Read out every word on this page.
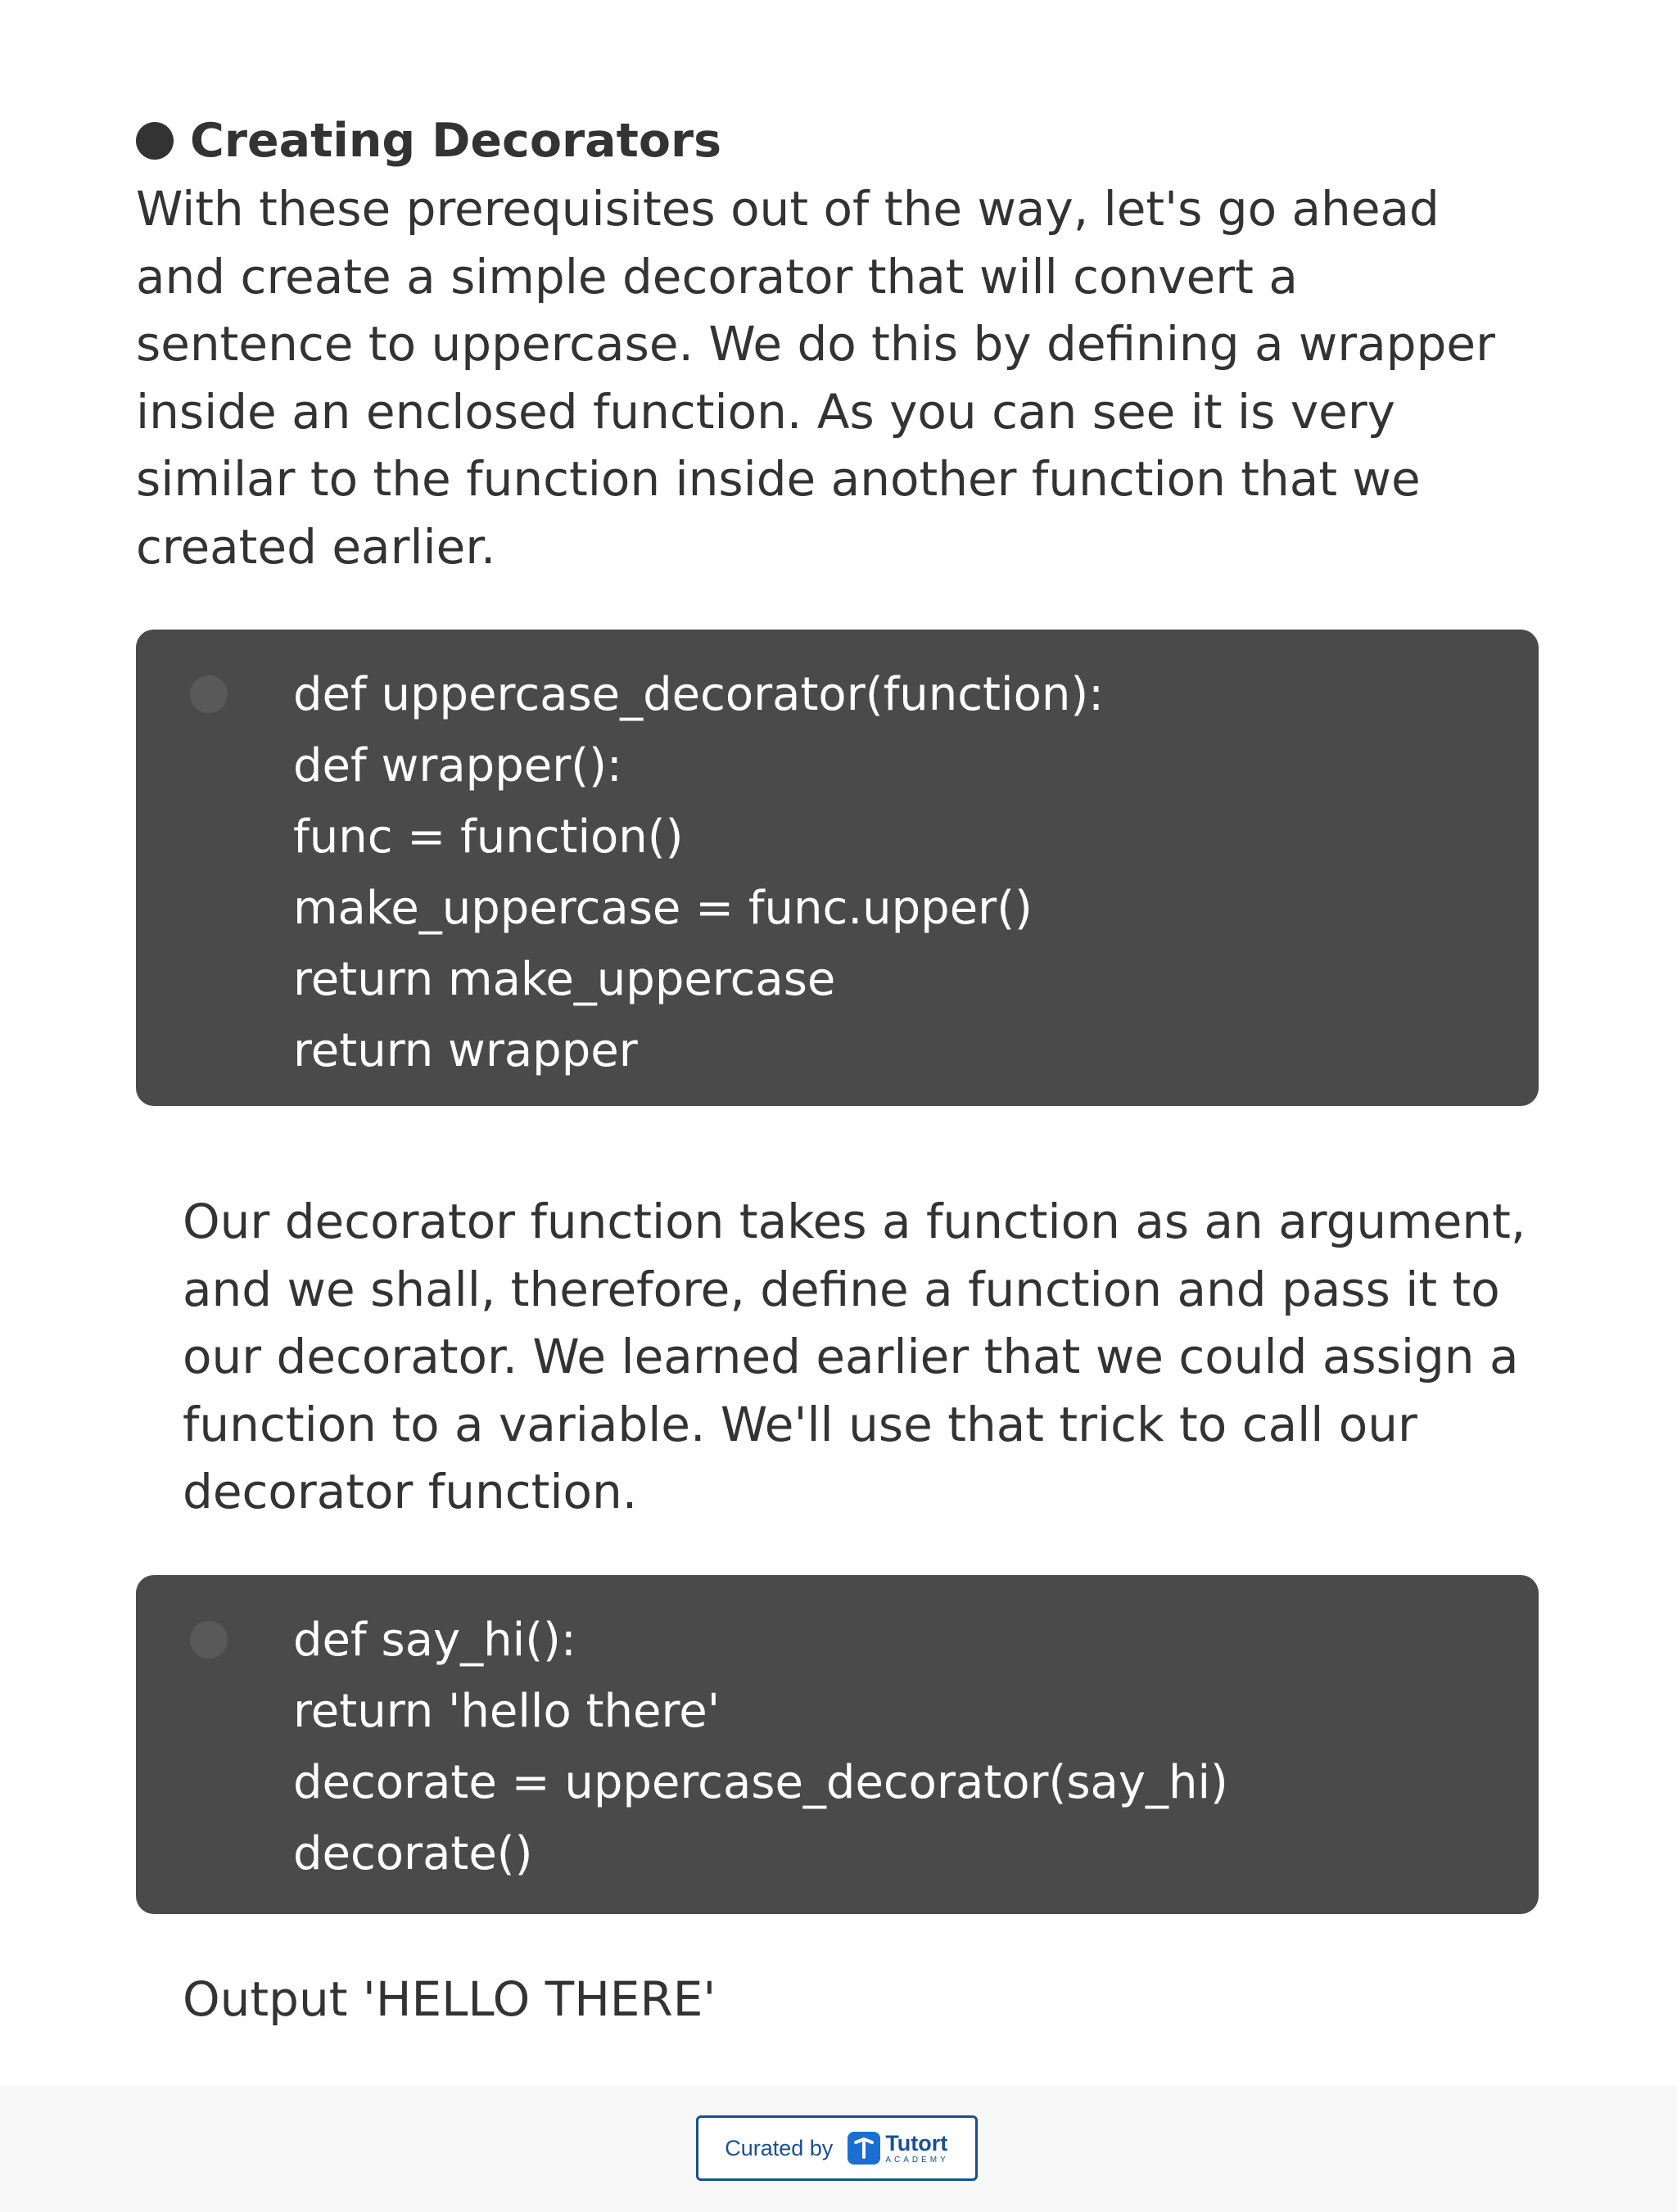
Creating Decorators
With these prerequisites out of the way, let's go ahead
and create a simple decorator that will convert a
sentence to uppercase. We do this by defining a wrapper
inside an enclosed function. As you can see it is very
similar to the function inside another function that we
created earlier.
def uppercase_decorator(function):
def wrapper():
func = function()
make_uppercase = func.upper()
return make_uppercase
return wrapper
Our decorator function takes a function as an argument,
and we shall, therefore, define a function and pass it to
our decorator. We learned earlier that we could assign a
function to a variable. We'll use that trick to call our
decorator function.
def say_hi():
return 'hello there'
decorate = uppercase_decorator(say_hi)
decorate()
Output 'HELLO THERE'
Curated by Tutort
ACADEMY
